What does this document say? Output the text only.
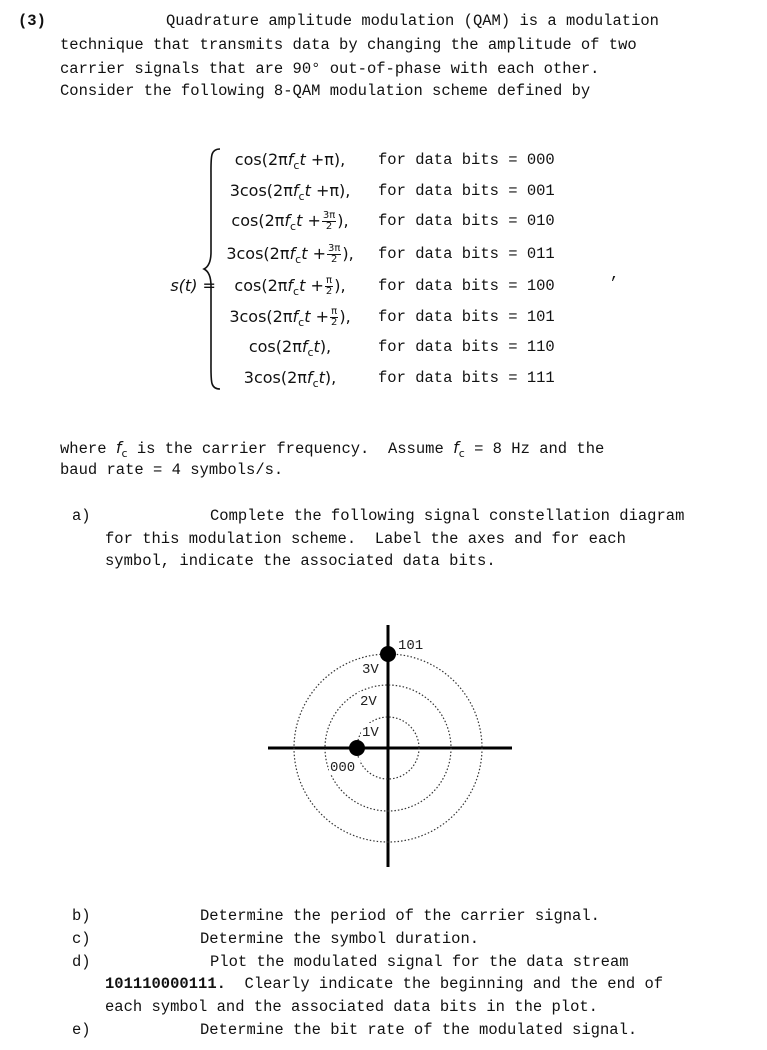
(3)	Quadrature amplitude modulation (QAM) is a modulation
technique that transmits data by changing the amplitude of two
carrier signals that are 90° out-of-phase with each other.
Consider the following 8-QAM modulation scheme defined by

s(t) =

$\cos(2\pi f_ct +\pi)$,	for data bits = 000
$3\cos(2\pi f_ct +\pi)$,	for data bits = 001
$\cos(2\pi f_ct + \frac{3\pi}{2}$ ),	for data bits = 010
$3\cos(2\pi f_ct + \frac{3\pi}{2}$ ),	for data bits = 011
$\cos(2\pi f_ct + \frac{\pi}{2}$ ),	for data bits = 100
$3\cos(2\pi f_ct + \frac{\pi}{2}$ ),	for data bits = 101
$\cos(2\pi f_ct)$,	for data bits = 110
$3\cos(2\pi f_ct)$,	for data bits = 111
,
where $f_c$ is the carrier frequency.  Assume $f_c = 8$ Hz and the
baud rate = 4 symbols/s.
a)	Complete the following signal constellation diagram
for this modulation scheme.  Label the axes and for each
symbol, indicate the associated data bits.
1V
2V
3V
101
000
b)	Determine the period of the carrier signal.
c)	Determine the symbol duration.
d)	Plot the modulated signal for the data stream
101110000111.  Clearly indicate the beginning and the end of
each symbol and the associated data bits in the plot.
e)	Determine the bit rate of the modulated signal.
